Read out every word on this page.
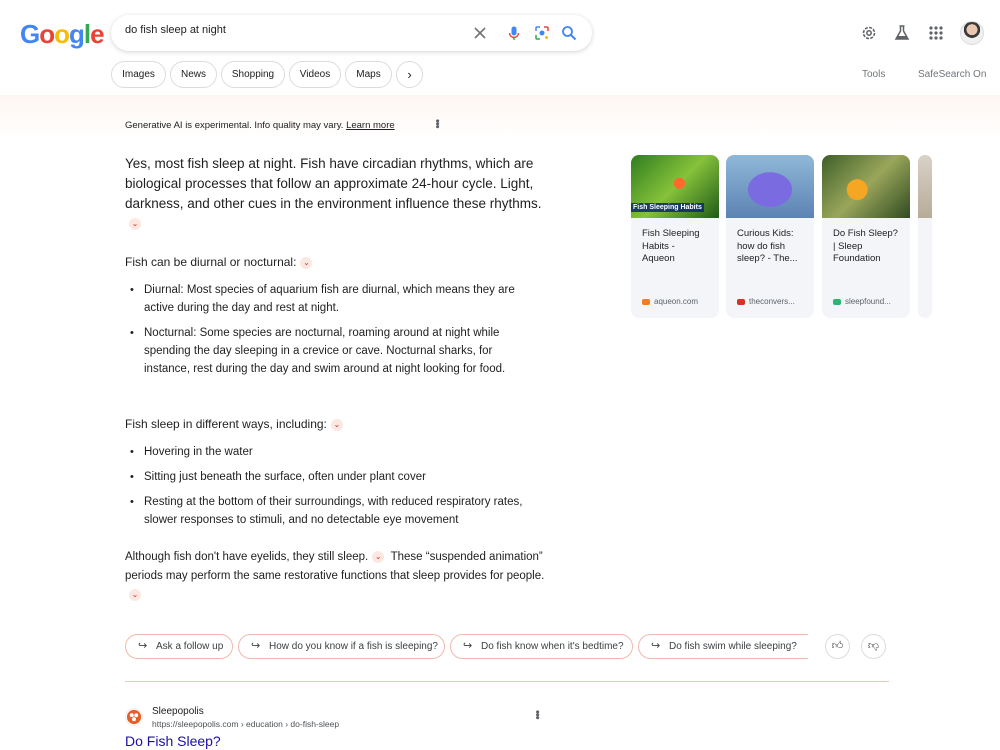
Google
do fish sleep at night
Images	News	Shopping	Videos	Maps	›	Tools	SafeSearch On
Generative AI is experimental. Info quality may vary. Learn more	•••

Yes, most fish sleep at night. Fish have circadian rhythms, which are biological processes that follow an approximate 24-hour cycle. Light, darkness, and other cues in the environment influence these rhythms.⌄

Fish can be diurnal or nocturnal: ⌄
• Diurnal: Most species of aquarium fish are diurnal, which means they are active during the day and rest at night.
• Nocturnal: Some species are nocturnal, roaming around at night while spending the day sleeping in a crevice or cave. Nocturnal sharks, for instance, rest during the day and swim around at night looking for food.
Fish sleep in different ways, including: ⌄
• Hovering in the water
• Sitting just beneath the surface, often under plant cover
• Resting at the bottom of their surroundings, with reduced respiratory rates, slower responses to stimuli, and no detectable eye movement

Although fish don't have eyelids, they still sleep. ⌄ These “suspended animation” periods may perform the same restorative functions that sleep provides for people.⌄

Fish Sleeping Habits
Fish Sleeping Habits - Aqueon
aqueon.com
Curious Kids: how do fish sleep? - The...
theconvers...
Do Fish Sleep? | Sleep Foundation
sleepfound...
↪ Ask a follow up	↪ How do you know if a fish is sleeping?	↪ Do fish know when it's bedtime?	↪ Do fish swim while sleeping?	👍︎	👎︎
Sleepopolis
https://sleepopolis.com › education › do-fish-sleep
•••
Do Fish Sleep?
